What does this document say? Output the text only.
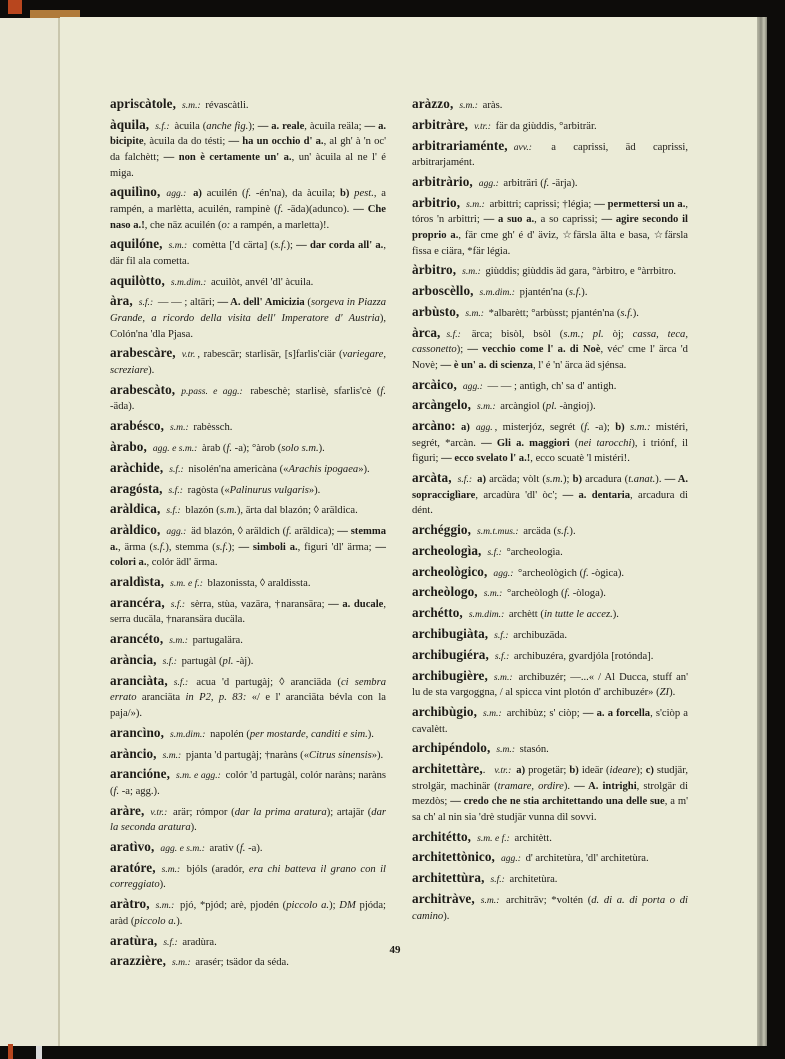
apriscàtole, s.m.: révascàtli.

àquila, s.f.: àcuila (anche fig.); — a. reale, àcuila reäla; — a. bicipite, àcuila da do tésti; — ha un occhio d' a., al gh' à 'n oc' da falchètt; — non è certamente un' a., un' àcuila al ne l' é miga.

aquilìno, agg.: a) acuilén (f. -én'na), da àcuila; b) pest., a rampén, a marlètta, acuilén, rampinè (f. -äda)(adunco). — Che naso a.!, che näz acuilén (o: a rampén, a marletta)!.

aquilóne, s.m.: comètta ['d cärta] (s.f.); — dar corda all' a., där fil ala cometta.

aquilòtto, s.m.dim.: acuilòt, anvél 'dl' àcuila.

àra, s.f.: — — ; altäri; — A. dell' Amicizia (sorgeva in Piazza Grande, a ricordo della visita dell' Imperatore d' Austria), Colón'na 'dla Pjasa.

arabescàre, v.tr. , rabescär; starlisär, [s]farlis'ciär (variegare, screziare).

arabescàto, p.pass. e agg.: rabeschè; starlisè, sfarlis'cè (f. -äda).

arabésco, s.m.: rabèssch.

àrabo, agg. e s.m.: àrab (f. -a); °àrob (solo s.m.).

aràchide, s.f.: nisolén'na americàna («Arachis ipogaea»).

aragósta, s.f.: ragòsta («Palinurus vulgaris»).

aràldica, s.f.: blazón (s.m.), ärta dal blazón; ◊ aräldica.

aràldico, agg.: äd blazón, ◊ aräldich (f. aräldica); — stemma a., ärma (s.f.), stemma (s.f.); — simboli a., figuri 'dl' ärma; — colori a., colór ädl' ärma.

araldìsta, s.m. e f.: blazonissta, ◊ araldissta.

arancéra, s.f.: sèrra, stùa, vazära, †naransära; — a. ducale, serra ducäla, †naransära ducäla.

arancéto, s.m.: partugalära.

arància, s.f.: partugàl (pl. -àj).

aranciàta, s.f.: acua 'd partugàj; ◊ aranciäda (ci sembra errato aranciäta in P2, p. 83: «/ e l' aranciäta bévla con la paja/»).

arancìno, s.m.dim.: napolén (per mostarde, canditi e sim.).

aràncio, s.m.: pjanta 'd partugàj; †naràns («Citrus sinensis»).

arancióne, s.m. e agg.: colór 'd partugàl, colór naràns; naràns (f. -a; agg.).

aràre, v.tr.: arär; rómpor (dar la prima aratura); artajär (dar la seconda aratura).

aratìvo, agg. e s.m.: aratìv (f. -a).

aratóre, s.m.: bjóls (aradór, era chi batteva il grano con il correggiato).

aràtro, s.m.: pjó, *pjód; arè, pjodén (piccolo a.); DM pjóda; aràd (piccolo a.).

aratùra, s.f.: aradùra.

arazzière, s.m.: arasér; tsädor da séda.

aràzzo, s.m.: aràs.

arbitràre, v.tr.: fär da giùddis, °arbiträr.

arbitrariaménte, avv.: a caprissi, äd caprissi, arbitrarjamént.

arbitràrio, agg.: arbiträri (f. -ärja).

arbitrio, s.m.: arbittri; caprissi; †légia; — permettersi un a., tóros 'n arbittri; — a suo a., a so caprissi; — agire secondo il proprio a., fär cme gh' é d' äviz, ☆färsla älta e basa, ☆färsla fissa e ciära, *fär légia.

àrbitro, s.m.: giùddis; giùddis äd gara, °àrbitro, e °àrrbitro.

arboscèllo, s.m.dim.: pjantén'na (s.f.).

arbùsto, s.m.: *albarètt; °arbùsst; pjantén'na (s.f.).

àrca, s.f.: ärca; bisòl, bsòl (s.m.; pl. òj; cassa, teca, cassonetto); — vecchio come l' a. di Noè, véc' cme l' ärca 'd Novè; — è un' a. di scienza, l' é 'n' ärca äd sjénsa.

arcàico, agg.: — — ; antìgh, ch' sa d' antìgh.

arcàngelo, s.m.: arcàngiol (pl. -àngioj).

arcàno: a) agg. , misterjóz, segrét (f. -a); b) s.m.: mistéri, segrét, *arcàn. — Gli a. maggiori (nei tarocchi), i triónf, il figuri; — ecco svelato l' a.!, ecco scuatè 'l mistéri!.

arcàta, s.f.: a) arcäda; vòlt (s.m.); b) arcadura (t.anat.). — A. sopracciglìare, arcadùra 'dl' òc'; — a. dentaria, arcadura di dént.

archéggio, s.m.t.mus.: arcäda (s.f.).

archeologìa, s.f.: °archeologìa.

archeològico, agg.: °archeològich (f. -ògica).

archeòlogo, s.m.: °archeòlogh (f. -òloga).

archétto, s.m.dim.: archètt (in tutte le accez.).

archibugiàta, s.f.: archibuzäda.

archibugiéra, s.f.: archibuzéra, gvardjóla [rotónda].

archibugière, s.m.: archibuzér; —...« / Al Ducca, stuff an' lu de sta vargoggna, / al spicca vint plotón d' archibuzér» (ZI).

archibùgio, s.m.: archibùz; s' ciòp; — a. a forcella, s'ciòp a cavalètt.

archipéndolo, s.m.: stasón.

architettàre,. v.tr.: a) progetär; b) ideär (ideare); c) studjär, strolgär, machinär (tramare, ordire). — A. intrighi, strolgär di mezdòs; — credo che ne stia architettando una delle sue, a m' sa ch' al nin sia 'drè studjär vunna dìl sovvi.

architétto, s.m. e f.: architètt.

architettònico, agg.: d' architetùra, 'dl' architetùra.

architettùra, s.f.: architetùra.

architràve, s.m.: architräv; *voltén (d. di a. di porta o di camino).

49
